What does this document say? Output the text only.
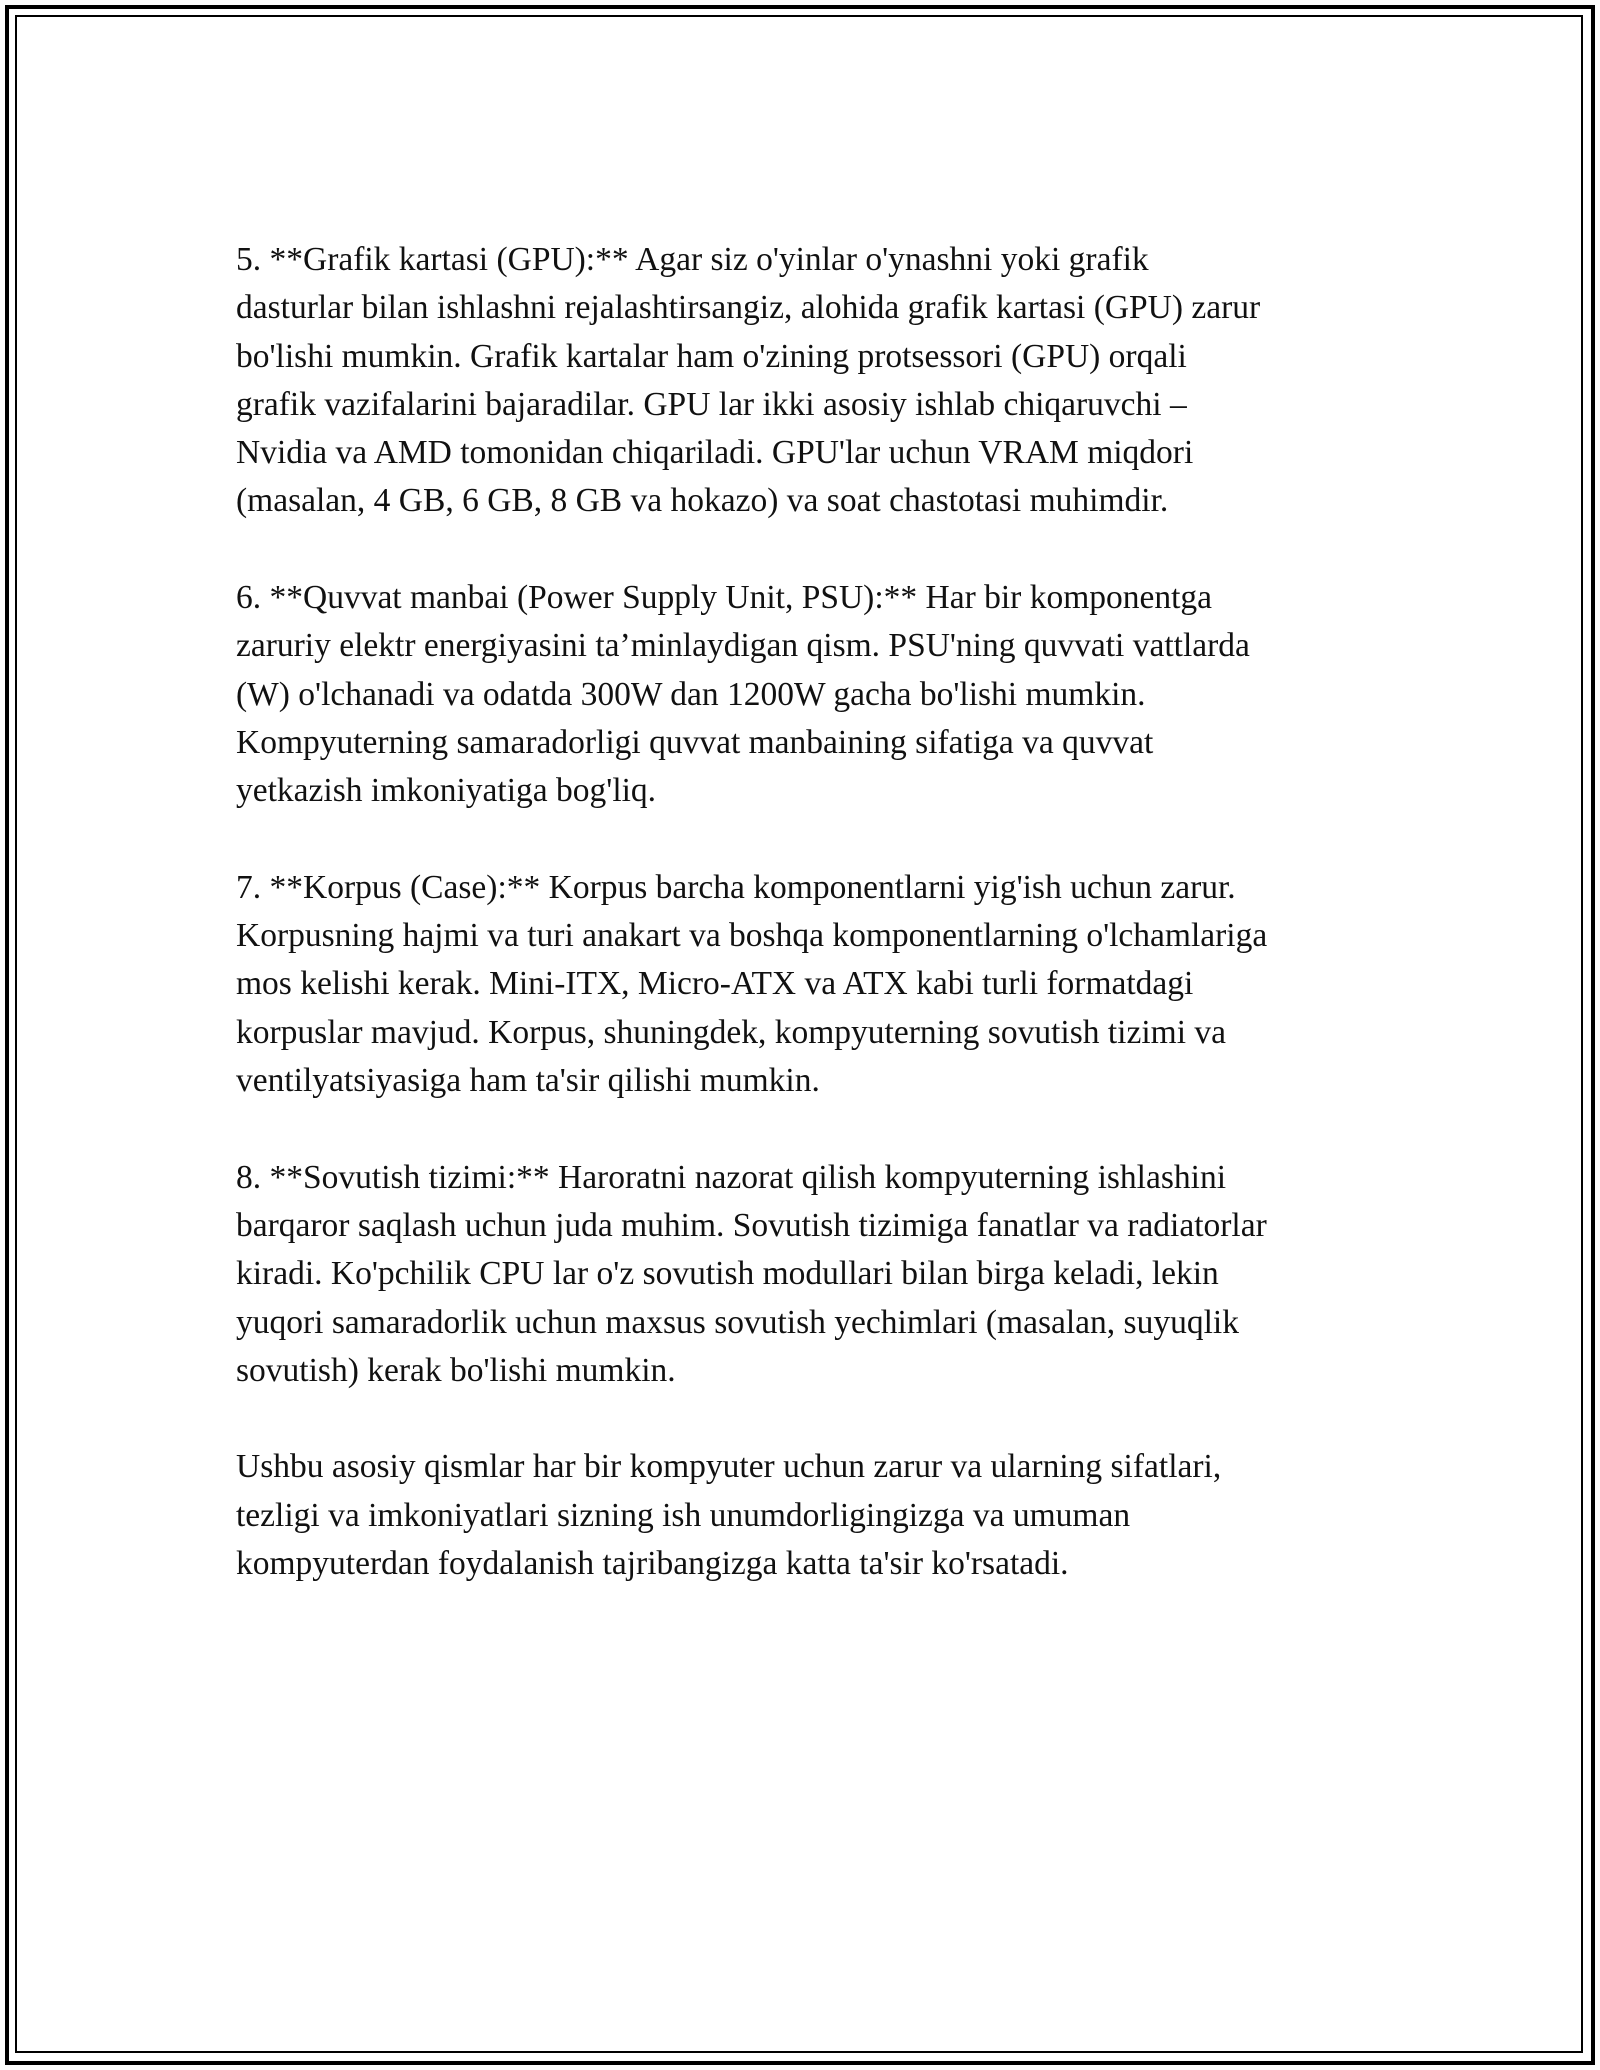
5. **Grafik kartasi (GPU):** Agar siz o'yinlar o'ynashni yoki grafik
dasturlar bilan ishlashni rejalashtirsangiz, alohida grafik kartasi (GPU) zarur
bo'lishi mumkin. Grafik kartalar ham o'zining protsessori (GPU) orqali
grafik vazifalarini bajaradilar. GPU lar ikki asosiy ishlab chiqaruvchi –
Nvidia va AMD tomonidan chiqariladi. GPU'lar uchun VRAM miqdori
(masalan, 4 GB, 6 GB, 8 GB va hokazo) va soat chastotasi muhimdir.

6. **Quvvat manbai (Power Supply Unit, PSU):** Har bir komponentga
zaruriy elektr energiyasini ta’minlaydigan qism. PSU'ning quvvati vattlarda
(W) o'lchanadi va odatda 300W dan 1200W gacha bo'lishi mumkin.
Kompyuterning samaradorligi quvvat manbaining sifatiga va quvvat
yetkazish imkoniyatiga bog'liq.

7. **Korpus (Case):** Korpus barcha komponentlarni yig'ish uchun zarur.
Korpusning hajmi va turi anakart va boshqa komponentlarning o'lchamlariga
mos kelishi kerak. Mini-ITX, Micro-ATX va ATX kabi turli formatdagi
korpuslar mavjud. Korpus, shuningdek, kompyuterning sovutish tizimi va
ventilyatsiyasiga ham ta'sir qilishi mumkin.

8. **Sovutish tizimi:** Haroratni nazorat qilish kompyuterning ishlashini
barqaror saqlash uchun juda muhim. Sovutish tizimiga fanatlar va radiatorlar
kiradi. Ko'pchilik CPU lar o'z sovutish modullari bilan birga keladi, lekin
yuqori samaradorlik uchun maxsus sovutish yechimlari (masalan, suyuqlik
sovutish) kerak bo'lishi mumkin.

Ushbu asosiy qismlar har bir kompyuter uchun zarur va ularning sifatlari,
tezligi va imkoniyatlari sizning ish unumdorligingizga va umuman
kompyuterdan foydalanish tajribangizga katta ta'sir ko'rsatadi.
